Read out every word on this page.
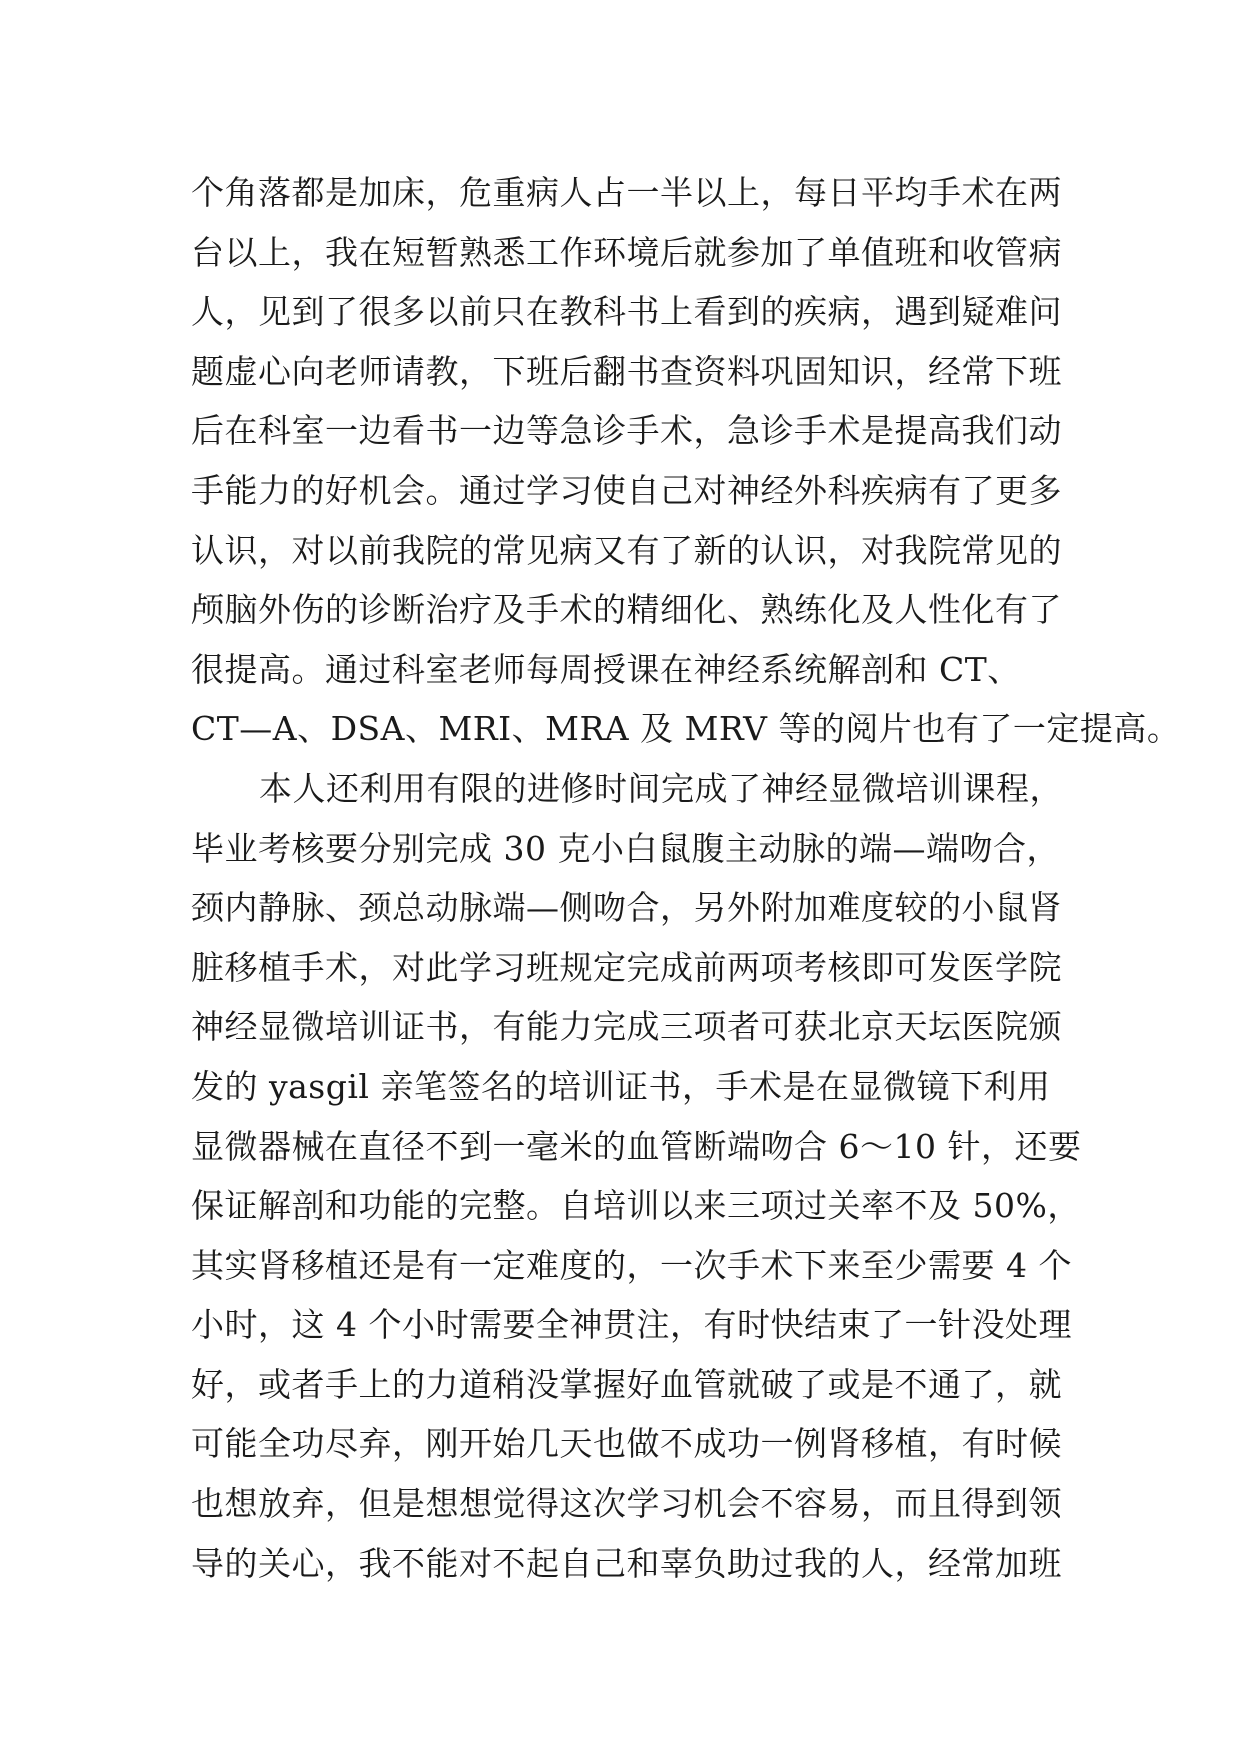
个角落都是加床，危重病人占一半以上，每日平均手术在两
台以上，我在短暂熟悉工作环境后就参加了单值班和收管病
人，见到了很多以前只在教科书上看到的疾病，遇到疑难问
题虚心向老师请教，下班后翻书查资料巩固知识，经常下班
后在科室一边看书一边等急诊手术，急诊手术是提高我们动
手能力的好机会。通过学习使自己对神经外科疾病有了更多
认识，对以前我院的常见病又有了新的认识，对我院常见的
颅脑外伤的诊断治疗及手术的精细化、熟练化及人性化有了
很提高。通过科室老师每周授课在神经系统解剖和 CT、
CT—A、DSA、MRI、MRA 及 MRV 等的阅片也有了一定提高。
本人还利用有限的进修时间完成了神经显微培训课程，
毕业考核要分别完成 30 克小白鼠腹主动脉的端—端吻合，
颈内静脉、颈总动脉端—侧吻合，另外附加难度较的小鼠肾
脏移植手术，对此学习班规定完成前两项考核即可发医学院
神经显微培训证书，有能力完成三项者可获北京天坛医院颁
发的 yasgil 亲笔签名的培训证书，手术是在显微镜下利用
显微器械在直径不到一毫米的血管断端吻合 6～10 针，还要
保证解剖和功能的完整。自培训以来三项过关率不及 50%，
其实肾移植还是有一定难度的，一次手术下来至少需要 4 个
小时，这 4 个小时需要全神贯注，有时快结束了一针没处理
好，或者手上的力道稍没掌握好血管就破了或是不通了，就
可能全功尽弃，刚开始几天也做不成功一例肾移植，有时候
也想放弃，但是想想觉得这次学习机会不容易，而且得到领
导的关心，我不能对不起自己和辜负助过我的人，经常加班
